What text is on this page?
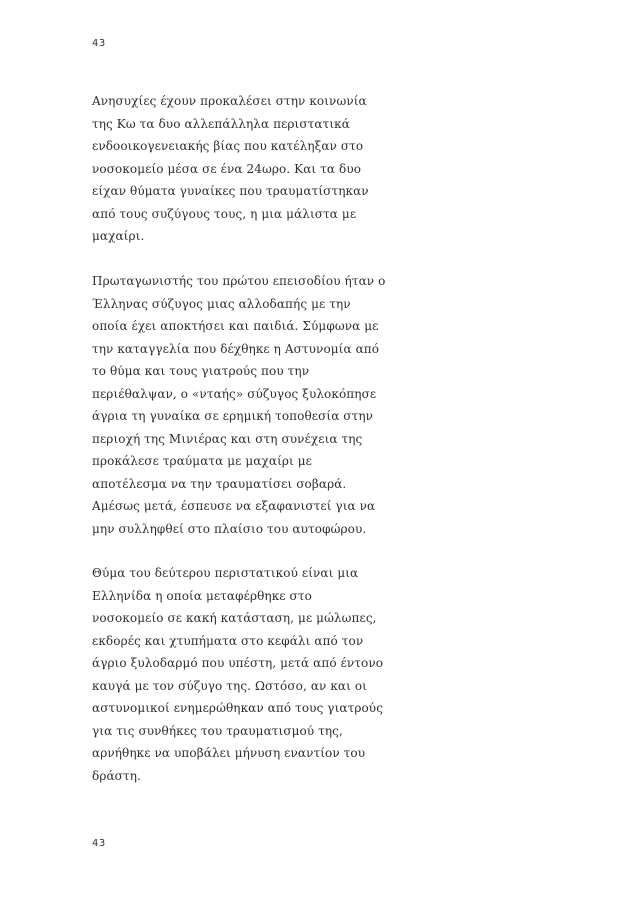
43
Ανησυχίες έχουν προκαλέσει στην κοινωνία
της Κω τα δυο αλλεπάλληλα περιστατικά
ενδοοικογενειακής βίας που κατέληξαν στο
νοσοκομείο μέσα σε ένα 24ωρο. Και τα δυο
είχαν θύματα γυναίκες που τραυματίστηκαν
από τους συζύγους τους, η μια μάλιστα με
μαχαίρι.
Πρωταγωνιστής του πρώτου επεισοδίου ήταν ο
Έλληνας σύζυγος μιας αλλοδαπής με την
οποία έχει αποκτήσει και παιδιά. Σύμφωνα με
την καταγγελία που δέχθηκε η Αστυνομία από
το θύμα και τους γιατρούς που την
περιέθαλψαν, ο «νταής» σύζυγος ξυλοκόπησε
άγρια τη γυναίκα σε ερημική τοποθεσία στην
περιοχή της Μινιέρας και στη συνέχεια της
προκάλεσε τραύματα με μαχαίρι με
αποτέλεσμα να την τραυματίσει σοβαρά.
Αμέσως μετά, έσπευσε να εξαφανιστεί για να
μην συλληφθεί στο πλαίσιο του αυτοφώρου.
Θύμα του δεύτερου περιστατικού είναι μια
Ελληνίδα η οποία μεταφέρθηκε στο
νοσοκομείο σε κακή κατάσταση, με μώλωπες,
εκδορές και χτυπήματα στο κεφάλι από τον
άγριο ξυλοδαρμό που υπέστη, μετά από έντονο
καυγά με τον σύζυγο της. Ωστόσο, αν και οι
αστυνομικοί ενημερώθηκαν από τους γιατρούς
για τις συνθήκες του τραυματισμού της,
αρνήθηκε να υποβάλει μήνυση εναντίον του
δράστη.
43
